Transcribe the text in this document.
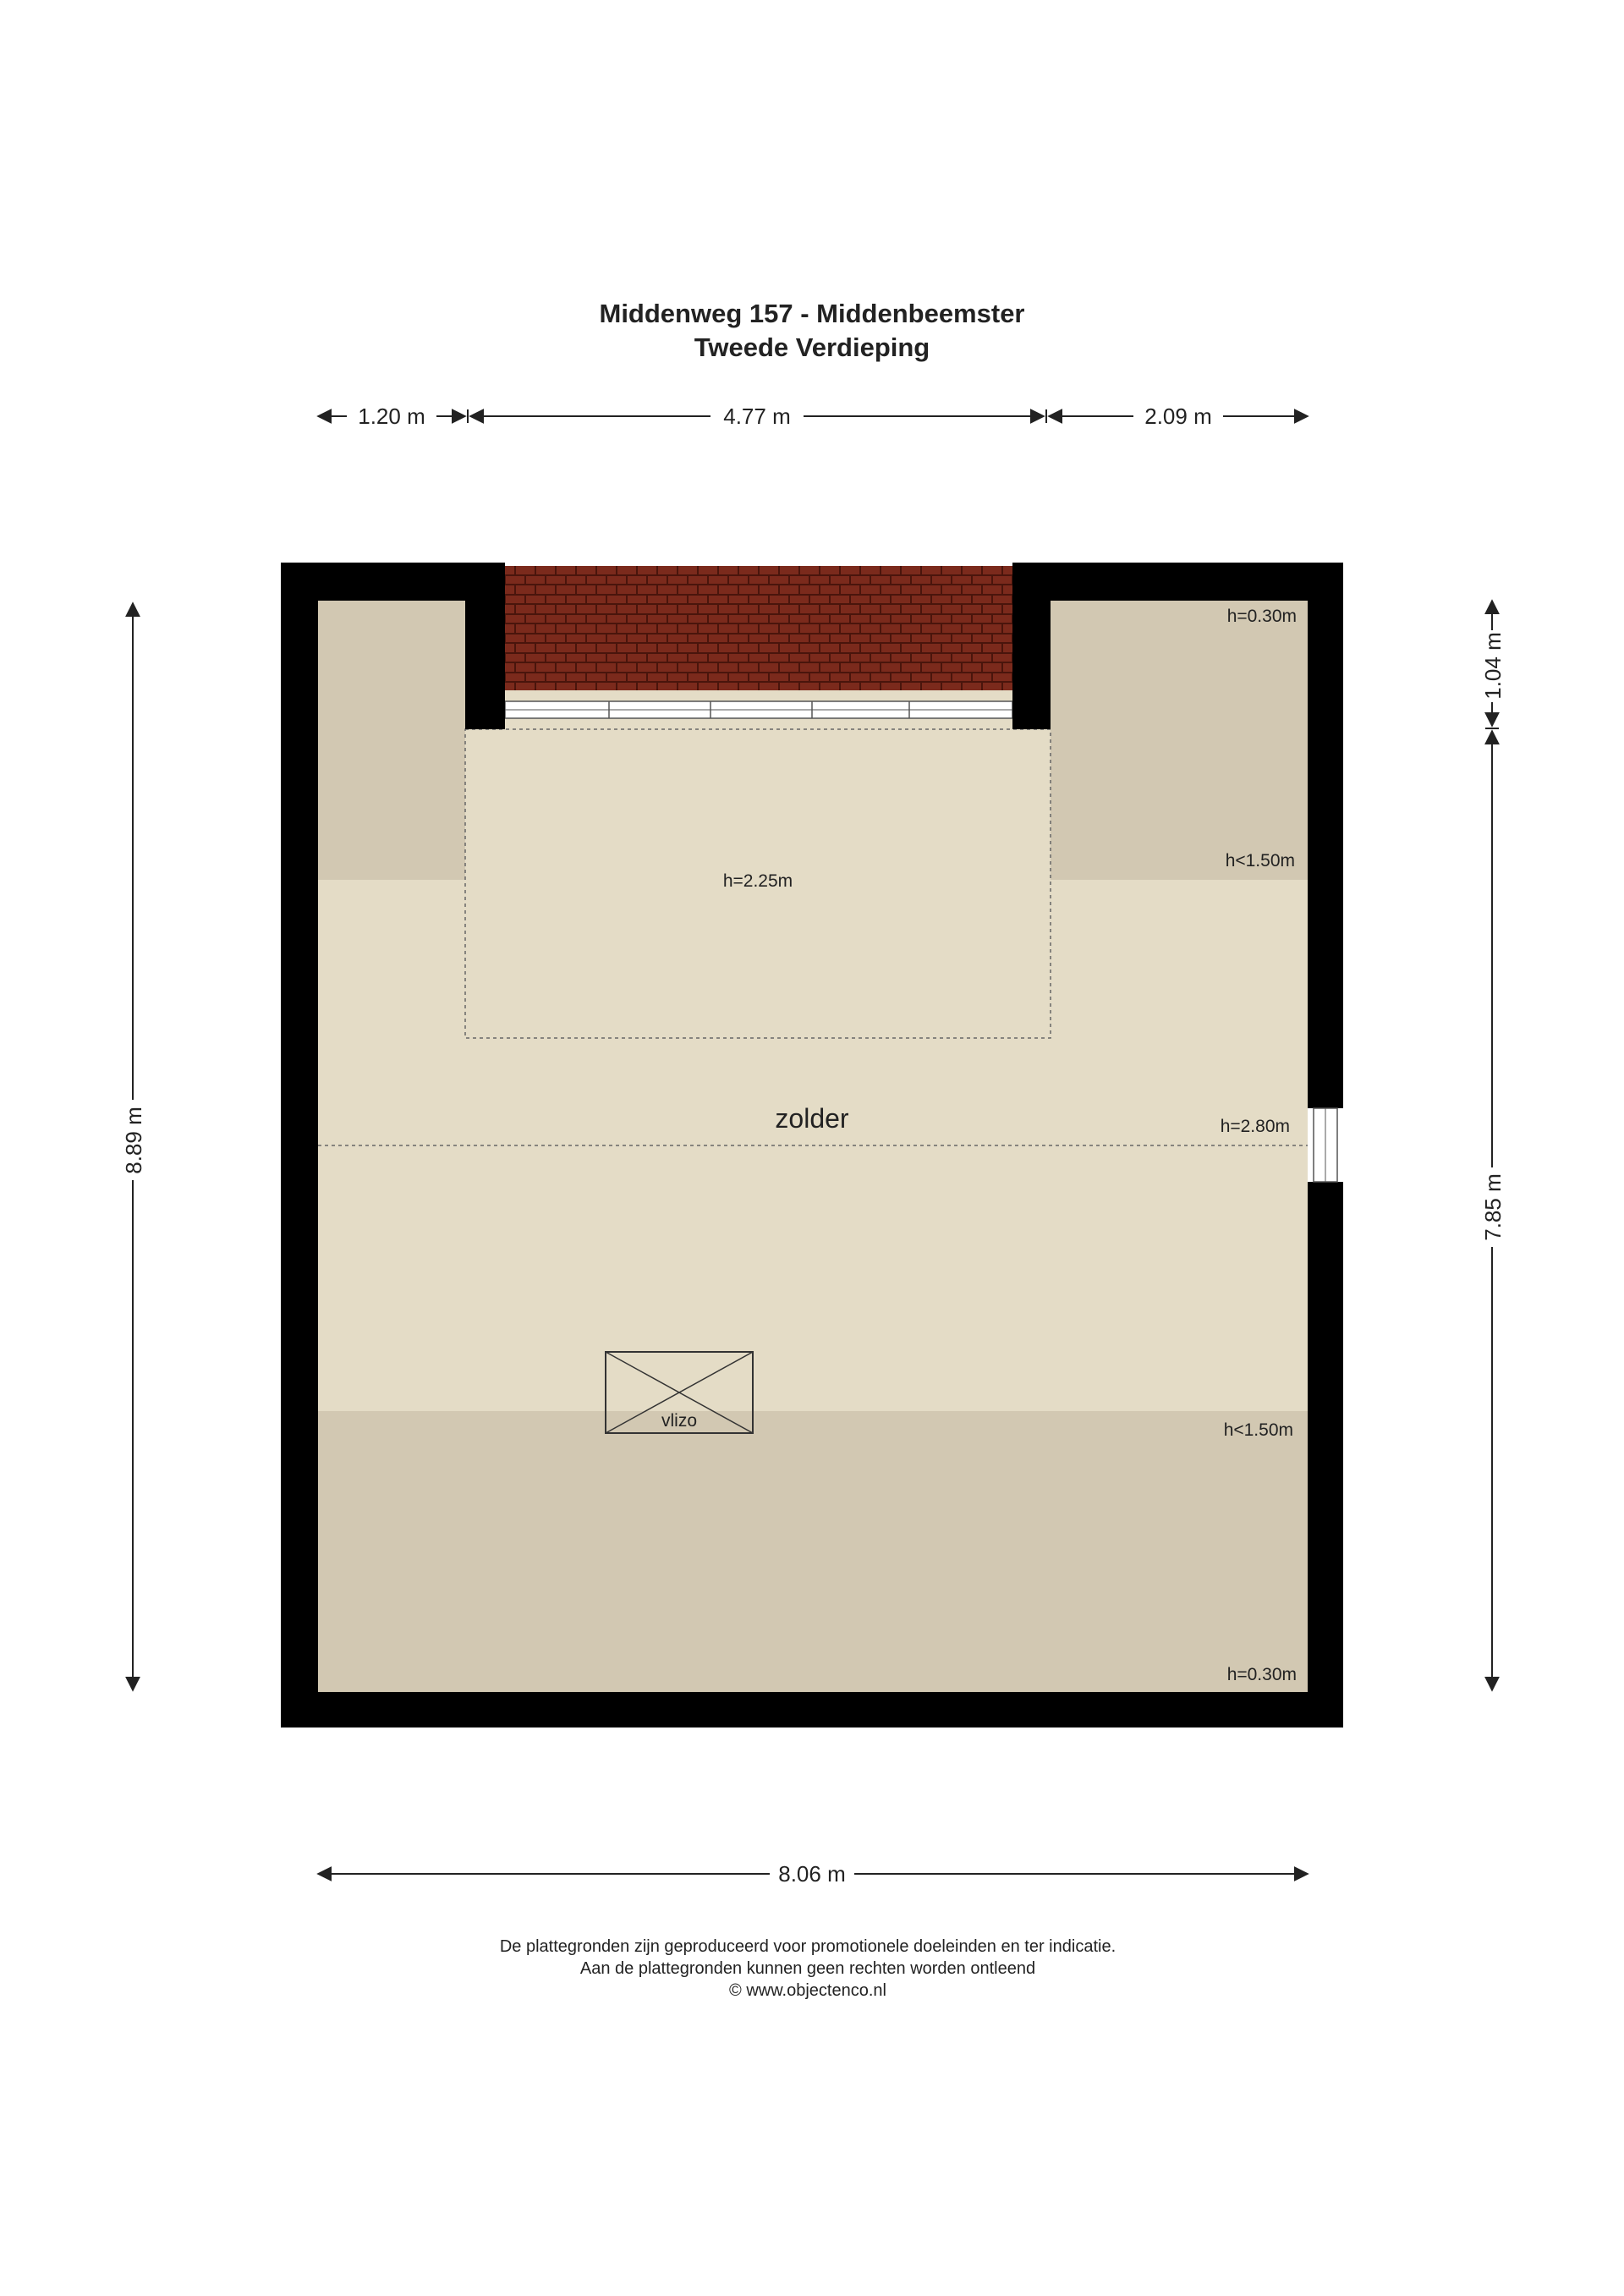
Middenweg 157 - Middenbeemster
Tweede Verdieping
1.20 m	4.77 m	2.09 m
8.89 m
1.04 m
7.85 m
8.06 m
vlizo
zolder
h=0.30m
h=2.25m
h<1.50m
h=2.80m
h<1.50m
h=0.30m
De plattegronden zijn geproduceerd voor promotionele doeleinden en ter indicatie.
Aan de plattegronden kunnen geen rechten worden ontleend
© www.objectenco.nl
